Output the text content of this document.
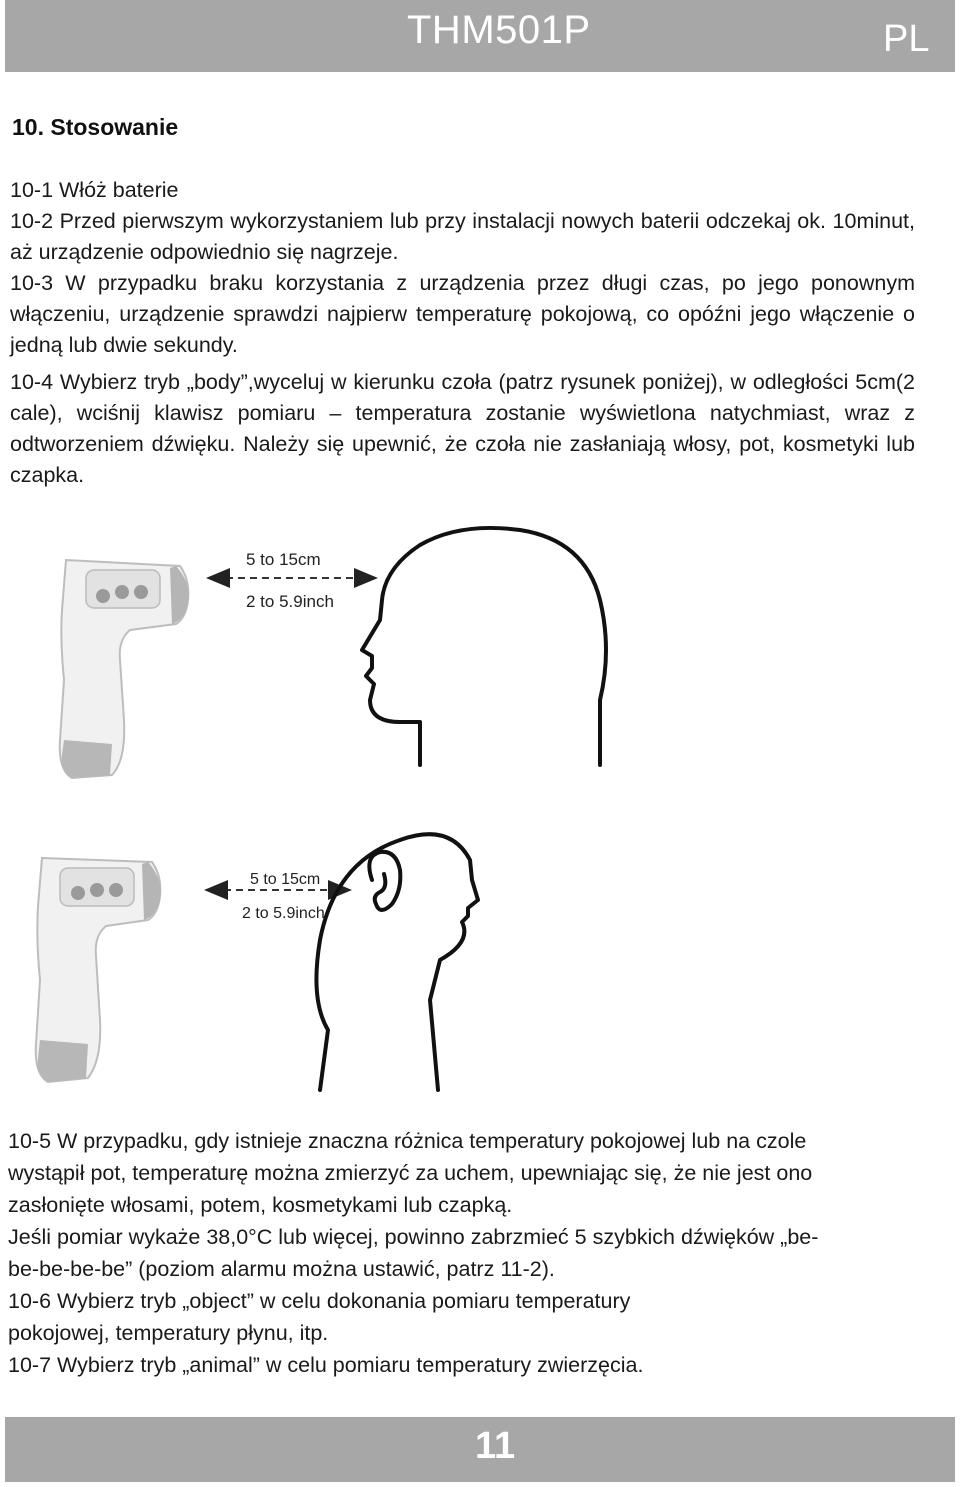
THM501P	PL
10. Stosowanie
10-1 Włóż baterie
10-2 Przed pierwszym wykorzystaniem lub przy instalacji nowych baterii odczekaj ok. 10minut, aż urządzenie odpowiednio się nagrzeje.
10-3 W przypadku braku korzystania z urządzenia przez długi czas, po jego ponownym włączeniu, urządzenie sprawdzi najpierw temperaturę pokojową, co opóźni jego włączenie o jedną lub dwie sekundy.
10-4 Wybierz tryb „body”,wyceluj w kierunku czoła (patrz rysunek poniżej), w odległości 5cm(2 cale), wciśnij klawisz pomiaru – temperatura zostanie wyświetlona natychmiast, wraz z odtworzeniem dźwięku. Należy się upewnić, że czoła nie zasłaniają włosy, pot, kosmetyki lub czapka.
5 to 15cm
2 to 5.9inch
5 to 15cm
2 to 5.9inch
10-5 W przypadku, gdy istnieje znaczna różnica temperatury pokojowej lub na czole
wystąpił pot, temperaturę można zmierzyć za uchem, upewniając się, że nie jest ono
zasłonięte włosami, potem, kosmetykami lub czapką.
Jeśli pomiar wykaże 38,0°C lub więcej, powinno zabrzmieć 5 szybkich dźwięków „be-
be-be-be-be” (poziom alarmu można ustawić, patrz 11-2).
10-6 Wybierz tryb „object” w celu dokonania pomiaru temperatury
pokojowej, temperatury płynu, itp.
10-7 Wybierz tryb „animal” w celu pomiaru temperatury zwierzęcia.
11
